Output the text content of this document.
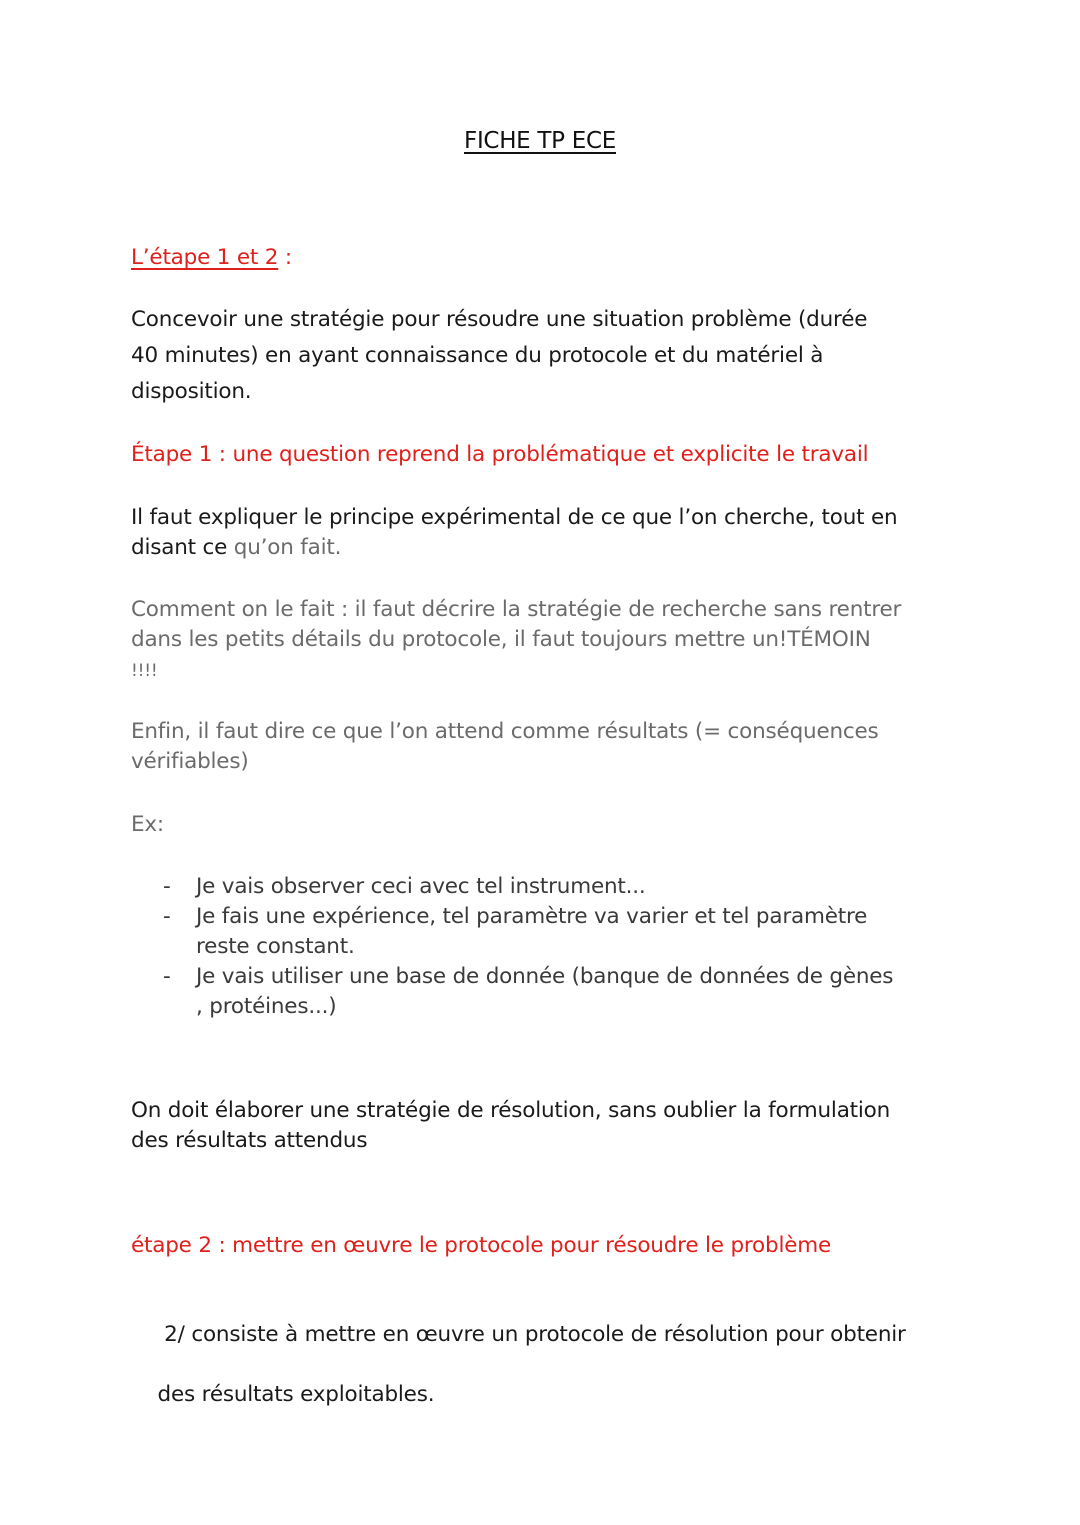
FICHE TP ECE

L’étape 1 et 2 :

Concevoir une stratégie pour résoudre une situation problème (durée
40 minutes) en ayant connaissance du protocole et du matériel à
disposition.

Étape 1 : une question reprend la problématique et explicite le travail

Il faut expliquer le principe expérimental de ce que l’on cherche, tout en
disant ce qu’on fait.

Comment on le fait : il faut décrire la stratégie de recherche sans rentrer
dans les petits détails du protocole, il faut toujours mettre un!TÉMOIN
!!!!

Enfin, il faut dire ce que l’on attend comme résultats (= conséquences
vérifiables)

Ex:

- Je vais observer ceci avec tel instrument...
- Je fais une expérience, tel paramètre va varier et tel paramètre
reste constant.
- Je vais utiliser une base de donnée (banque de données de gènes
, protéines...)

On doit élaborer une stratégie de résolution, sans oublier la formulation
des résultats attendus

étape 2 : mettre en œuvre le protocole pour résoudre le problème

2/ consiste à mettre en œuvre un protocole de résolution pour obtenir

des résultats exploitables.
